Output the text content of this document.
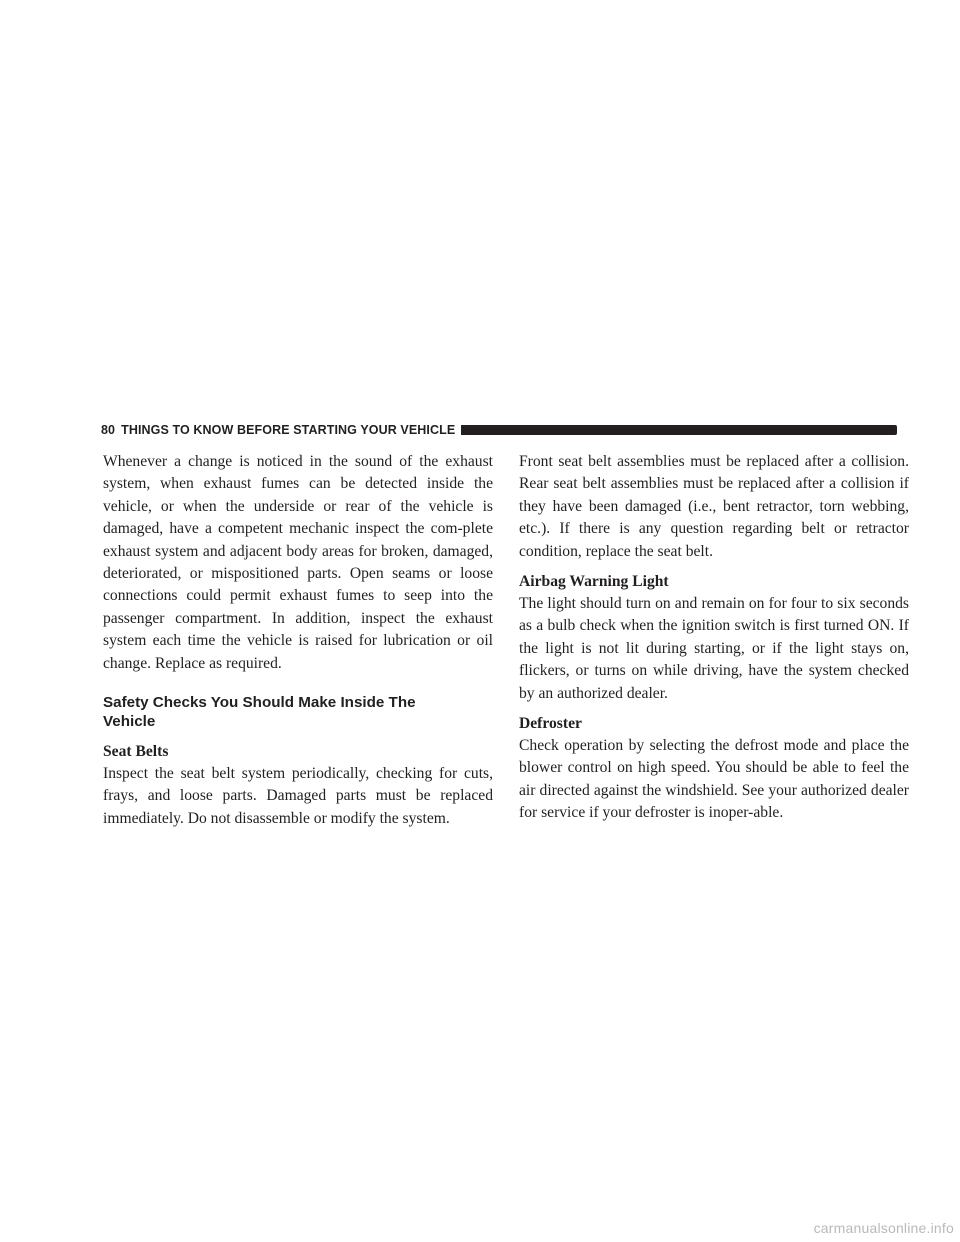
80 THINGS TO KNOW BEFORE STARTING YOUR VEHICLE

Whenever a change is noticed in the sound of the exhaust system, when exhaust fumes can be detected inside the vehicle, or when the underside or rear of the vehicle is damaged, have a competent mechanic inspect the com-plete exhaust system and adjacent body areas for broken, damaged, deteriorated, or mispositioned parts. Open seams or loose connections could permit exhaust fumes to seep into the passenger compartment. In addition, inspect the exhaust system each time the vehicle is raised for lubrication or oil change. Replace as required.

Safety Checks You Should Make Inside The Vehicle
Seat Belts

Inspect the seat belt system periodically, checking for cuts, frays, and loose parts. Damaged parts must be replaced immediately. Do not disassemble or modify the system.

Front seat belt assemblies must be replaced after a collision. Rear seat belt assemblies must be replaced after a collision if they have been damaged (i.e., bent retractor, torn webbing, etc.). If there is any question regarding belt or retractor condition, replace the seat belt.

Airbag Warning Light

The light should turn on and remain on for four to six seconds as a bulb check when the ignition switch is first turned ON. If the light is not lit during starting, or if the light stays on, flickers, or turns on while driving, have the system checked by an authorized dealer.

Defroster

Check operation by selecting the defrost mode and place the blower control on high speed. You should be able to feel the air directed against the windshield. See your authorized dealer for service if your defroster is inoper-able.

carmanualsonline.info
